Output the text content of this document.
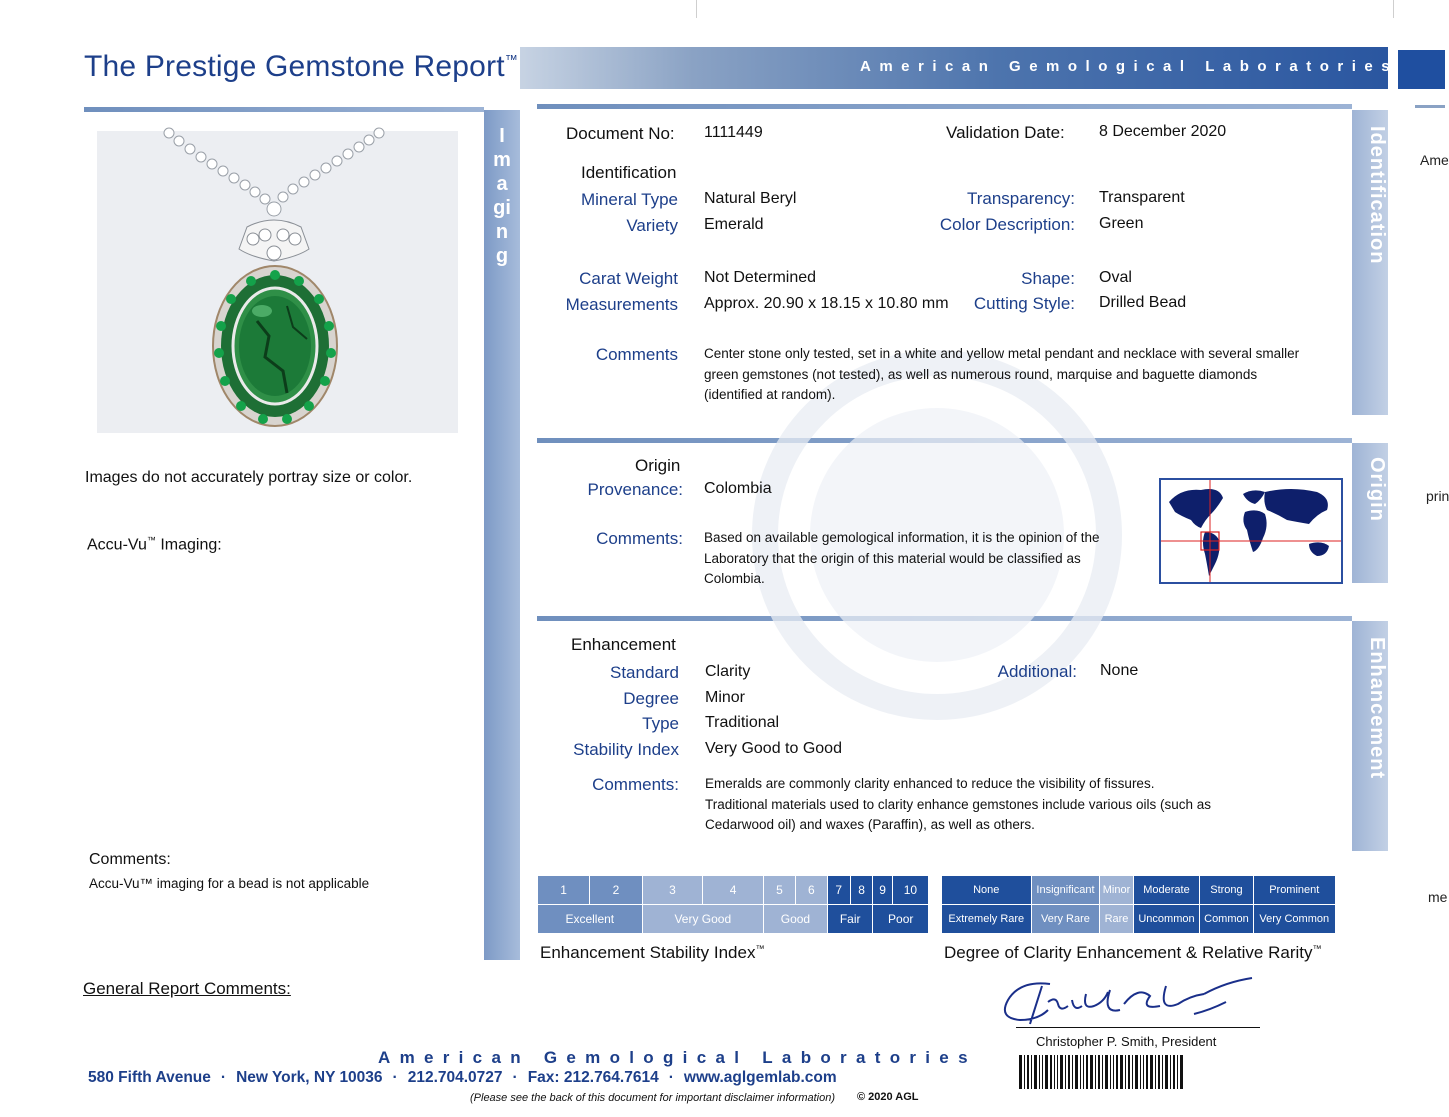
The Prestige Gemstone Report™	American Gemological Laboratories
Ame
prin
me
Imaging
Images do not accurately portray size or color.
Accu-Vu™ Imaging:
Comments:
Accu-Vu™ imaging for a bead is not applicable
Identification
Origin
Enhancement
Document No: 1111449	Validation Date: 8 December 2020
Identification
Mineral Type Natural Beryl
Variety Emerald
Transparency: Transparent
Color Description: Green
Carat Weight Not Determined
Measurements Approx. 20.90 x 18.15 x 10.80 mm
Shape: Oval
Cutting Style: Drilled Bead
Comments Center stone only tested, set in a white and yellow metal pendant and necklace with several smaller green gemstones (not tested), as well as numerous round, marquise and baguette diamonds (identified at random).
Origin
Provenance: Colombia
Comments: Based on available gemological information, it is the opinion of the Laboratory that the origin of this material would be classified as Colombia.
Enhancement
Standard Clarity	Additional: None
Degree Minor
Type Traditional
Stability Index Very Good to Good
Comments: Emeralds are commonly clarity enhanced to reduce the visibility of fissures. Traditional materials used to clarity enhance gemstones include various oils (such as Cedarwood oil) and waxes (Paraffin), as well as others.
1	2	3	4	5	6	7	8	9	10
Excellent		Very Good		Good		Fair		Poor	
Enhancement Stability Index™
None	Insignificant	Minor	Moderate	Strong	Prominent
Extremely Rare	Very Rare	Rare	Uncommon	Common	Very Common
Degree of Clarity Enhancement & Relative Rarity™
General Report Comments:
Christopher P. Smith, President
American Gemological Laboratories
580 Fifth Avenue · New York, NY 10036 · 212.704.0727 · Fax: 212.764.7614 · www.aglgemlab.com
(Please see the back of this document for important disclaimer information) © 2020 AGL
